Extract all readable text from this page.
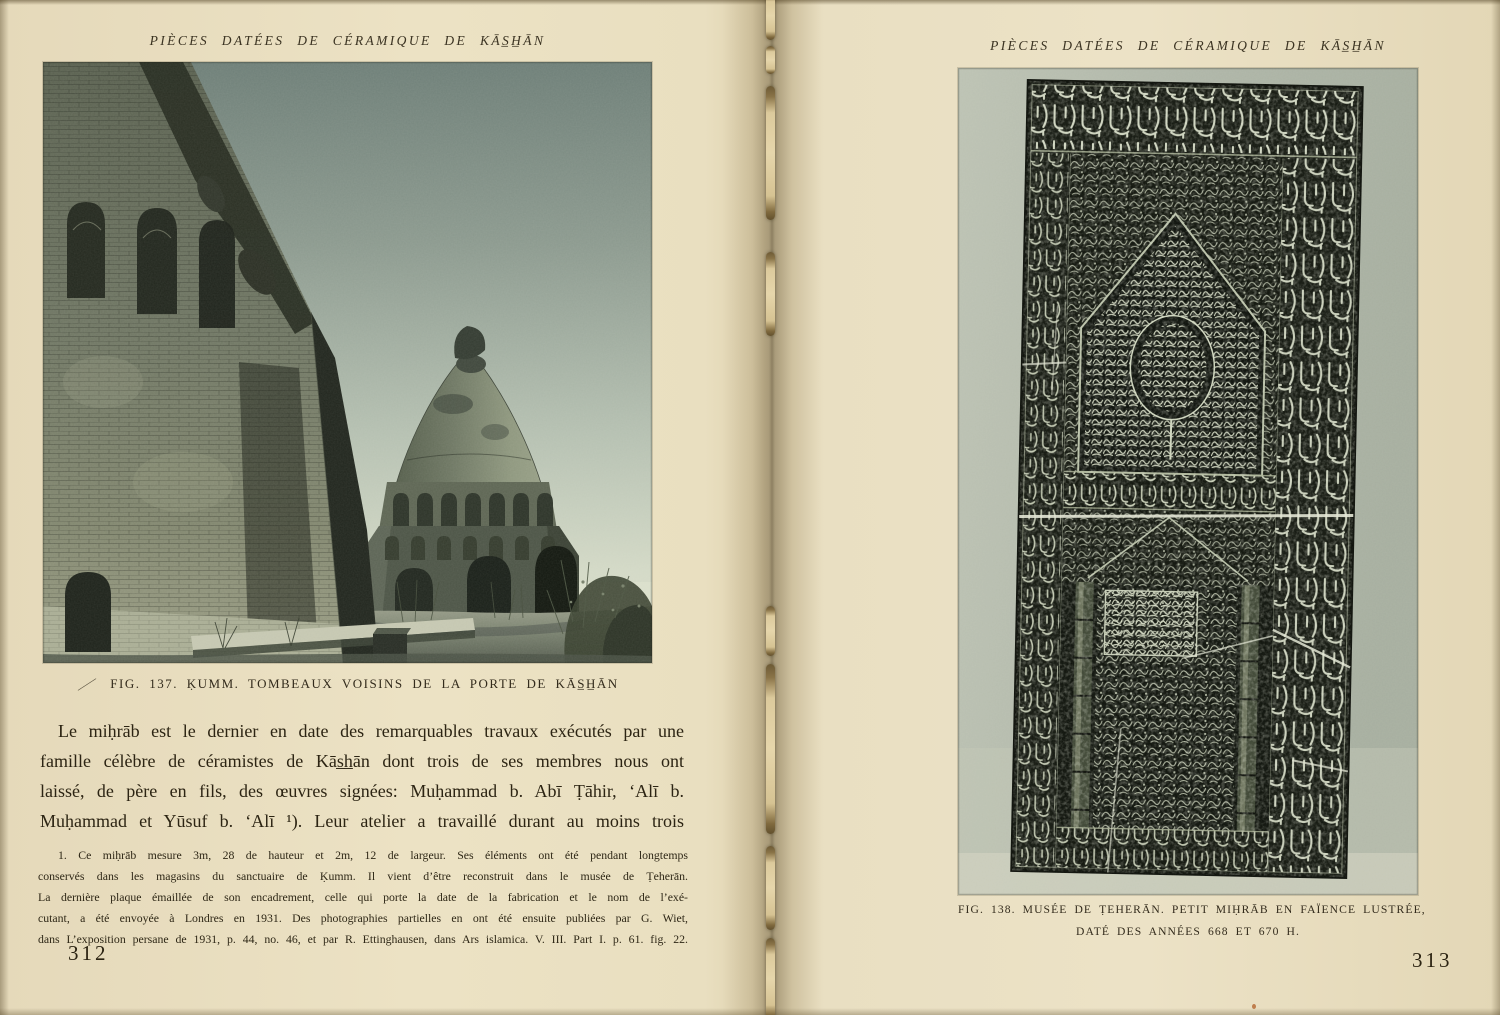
PIÈCES DATÉES DE CÉRAMIQUE DE KĀS̲H̲ĀN
FIG. 137. ḲUMM. TOMBEAUX VOISINS DE LA PORTE DE KĀS̲H̲ĀN
Le miḥrāb est le dernier en date des remarquables travaux exécutés par une
famille célèbre de céramistes de Kās̲h̲ān dont trois de ses membres nous ont
laissé, de père en fils, des œuvres signées: Muḥammad b. Abī Ṭāhir, ‘Alī b.
Muḥammad et Yūsuf b. ‘Alī ¹). Leur atelier a travaillé durant au moins trois
1. Ce miḥrāb mesure 3m, 28 de hauteur et 2m, 12 de largeur. Ses éléments ont été pendant longtemps
conservés dans les magasins du sanctuaire de Ḳumm. Il vient d’être reconstruit dans le musée de Ṭeherān.
La dernière plaque émaillée de son encadrement, celle qui porte la date de la fabrication et le nom de l’exé-
cutant, a été envoyée à Londres en 1931. Des photographies partielles en ont été ensuite publiées par G. Wiet,
dans L’exposition persane de 1931, p. 44, no. 46, et par R. Ettinghausen, dans Ars islamica. V. III. Part I. p. 61. fig. 22.
312
PIÈCES DATÉES DE CÉRAMIQUE DE KĀS̲H̲ĀN
FIG. 138. MUSÉE DE ṬEHERĀN. PETIT MIḤRĀB EN FAÏENCE LUSTRÉE,
DATÉ DES ANNÉES 668 ET 670 H.
313
